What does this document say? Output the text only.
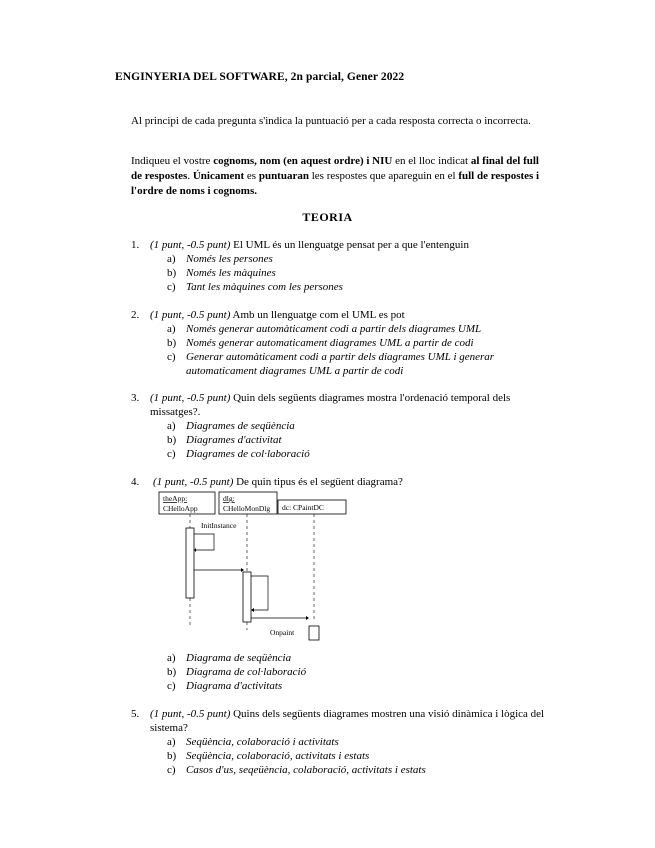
ENGINYERIA DEL SOFTWARE, 2n parcial, Gener 2022
Al principi de cada pregunta s'indica la puntuació per a cada resposta correcta o incorrecta.
Indiqueu el vostre cognoms, nom (en aquest ordre) i NIU en el lloc indicat al final del full de respostes. Únicament es puntuaran les respostes que apareguin en el full de respostes i l'ordre de noms i cognoms.
TEORIA
1. (1 punt, -0.5 punt) El UML és un llenguatge pensat per a que l'entenguin
a) Només les persones
b) Només les màquines
c) Tant les màquines com les persones
2. (1 punt, -0.5 punt) Amb un llenguatge com el UML es pot
a) Només generar automàticament codi a partir dels diagrames UML
b) Només generar automaticament diagrames UML a partir de codi
c) Generar automàticament codi a partir dels diagrames UML i generar automaticament diagrames UML a partir de codi
3. (1 punt, -0.5 punt) Quin dels següents diagrames mostra l'ordenació temporal dels missatges?.
a) Diagrames de seqüència
b) Diagrames d'activitat
c) Diagrames de col·laboració
4. (1 punt, -0.5 punt) De quin tipus és el següent diagrama?
theApp:
CHelloApp
dlg:
CHelloMonDlg dc: CPaintDC
InitInstance
Onpaint
a) Diagrama de seqüència
b) Diagrama de col·laboració
c) Diagrama d'activitats
5. (1 punt, -0.5 punt) Quins dels següents diagrames mostren una visió dinàmica i lògica del sistema?
a) Seqüència, colaboració i activitats
b) Seqüència, colaboració, activitats i estats
c) Casos d'us, seqeüència, colaboració, activitats i estats
